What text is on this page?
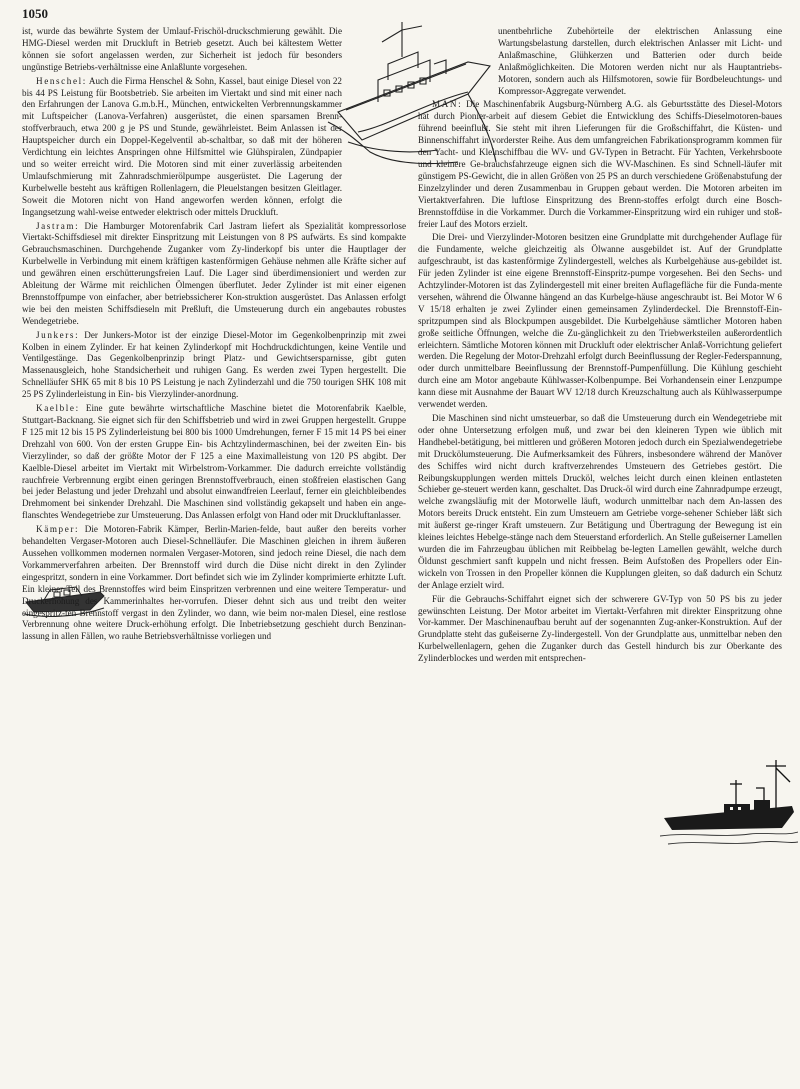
1050

ist, wurde das bewährte System der Umlauf-Frischöl-druckschmierung gewählt. Die HMG-Diesel werden mit Druckluft in Betrieb gesetzt. Auch bei kältestem Wetter können sie sofort angelassen werden, zur Sicherheit ist jedoch für besonders ungünstige Betriebs-verhältnisse eine Anlaßlunte vorgesehen.

Henschel: Auch die Firma Henschel & Sohn, Kassel, baut einige Diesel von 22 bis 44 PS Leistung für Bootsbetrieb. Sie arbeiten im Viertakt und sind mit einer nach den Erfahrungen der Lanova G.m.b.H., München, entwickelten Verbrennungskammer mit Luftspeicher (Lanova-Verfahren) ausgerüstet, die einen sparsamen Brenn-stoffverbrauch, etwa 200 g je PS und Stunde, gewährleistet. Beim Anlassen ist der Hauptspeicher durch ein Doppel-Kegelventil ab-schaltbar, so daß mit der höheren Verdichtung ein leichtes Anspringen ohne Hilfsmittel wie Glühspiralen, Zündpapier und so weiter erreicht wird. Die Motoren sind mit einer zuverlässig arbeitenden Umlaufschmierung mit Zahnradschmierölpumpe ausgerüstet. Die Lagerung der Kurbelwelle besteht aus kräftigen Rollenlagern, die Pleuelstangen besitzen Gleitlager. Soweit die Motoren nicht von Hand angeworfen werden können, erfolgt die Ingangsetzung wahl-weise entweder elektrisch oder mittels Druckluft.

Jastram: Die Hamburger Motorenfabrik Carl Jastram liefert als Spezialität kompressorlose Viertakt-Schiffsdiesel mit direkter Einspritzung mit Leistungen von 8 PS aufwärts. Es sind kompakte Gebrauchsmaschinen. Durchgehende Zuganker vom Zy-linderkopf bis unter die Hauptlager der Kurbelwelle in Verbindung mit einem kräftigen kastenförmigen Gehäuse nehmen alle Kräfte sicher auf und gewähren einen erschütterungsfreien Lauf. Die Lager sind überdimensioniert und werden zur Ableitung der Wärme mit reichlichen Ölmengen überflutet. Jeder Zylinder ist mit einer eigenen Brennstoffpumpe von einfacher, aber betriebssicherer Kon-struktion ausgerüstet. Das Anlassen erfolgt wie bei den meisten Schiffsdieseln mit Preßluft, die Umsteuerung durch ein angebautes robustes Wendegetriebe.

Junkers: Der Junkers-Motor ist der einzige Diesel-Motor im Gegenkolbenprinzip mit zwei Kolben in einem Zylinder. Er hat keinen Zylinderkopf mit Hochdruckdichtungen, keine Ventile und Ventilgestänge. Das Gegenkolbenprinzip bringt Platz- und Gewichtsersparnisse, gibt guten Massenausgleich, hohe Standsicherheit und ruhigen Gang. Es werden zwei Typen hergestellt. Die Schnelläufer SHK 65 mit 8 bis 10 PS Leistung je nach Zylinderzahl und die 750 tourigen SHK 108 mit 25 PS Zylinderleistung in Ein- bis Vierzylinder-anordnung.

Kaelble: Eine gute bewährte wirtschaftliche Maschine bietet die Motorenfabrik Kaelble, Stuttgart-Backnang. Sie eignet sich für den Schiffsbetrieb und wird in zwei Gruppen hergestellt. Gruppe F 125 mit 12 bis 15 PS Zylinderleistung bei 800 bis 1000 Umdrehungen, ferner F 15 mit 14 PS bei einer Drehzahl von 600. Von der ersten Gruppe Ein- bis Achtzylindermaschinen, bei der zweiten Ein- bis Vierzylinder, so daß der größte Motor der F 125 a eine Maximalleistung von 120 PS abgibt. Der Kaelble-Diesel arbeitet im Viertakt mit Wirbelstrom-Vorkammer. Die dadurch erreichte vollständig rauchfreie Verbrennung ergibt einen geringen Brennstoffverbrauch, einen stoßfreien elastischen Gang bei jeder Belastung und jeder Drehzahl und absolut einwandfreien Leerlauf, ferner ein gleichbleibendes Drehmoment bei sinkender Drehzahl. Die Maschinen sind vollständig gekapselt und haben ein ange-flanschtes Wendegetriebe zur Umsteuerung. Das Anlassen erfolgt von Hand oder mit Druckluftanlasser.

Kämper: Die Motoren-Fabrik Kämper, Berlin-Marien-felde, baut außer den bereits vorher behandelten Vergaser-Motoren auch Diesel-Schnelläufer. Die Maschinen gleichen in ihrem äußeren Aussehen vollkommen modernen normalen Vergaser-Motoren, sind jedoch reine Diesel, die nach dem Vorkammerverfahren arbeiten. Der Brennstoff wird durch die Düse nicht direkt in den Zylinder eingespritzt, sondern in eine Vorkammer. Dort befindet sich wie im Zylinder komprimierte erhitzte Luft. Ein kleiner Teil des Brennstoffes wird beim Einspritzen verbrennen und eine weitere Temperatur- und Druckerhöhung des Kammerinhaltes her-vorrufen. Dieser dehnt sich aus und treibt den weiter eingespritz-ten Brennstoff vergast in den Zylinder, wo dann, wie beim nor-malen Diesel, eine restlose Verbrennung ohne weitere Druck-erhöhung erfolgt. Die Inbetriebsetzung geschieht durch Benzinan-lassung in allen Fällen, wo rauhe Betriebsverhältnisse vorliegen und

unentbehrliche Zubehörteile der elektrischen Anlassung eine Wartungsbelastung darstellen, durch elektrischen Anlasser mit Licht- und Anlaßmaschine, Glühkerzen und Batterien oder durch beide Anlaßmöglichkeiten. Die Motoren werden nicht nur als Hauptantriebs-Motoren, sondern auch als Hilfsmotoren, sowie für Bordbeleuchtungs- und Kompressor-Aggregate verwendet.

MAN: Die Maschinenfabrik Augsburg-Nürnberg A.G. als Geburtsstätte des Diesel-Motors hat durch Pionier-arbeit auf diesem Gebiet die Entwicklung des Schiffs-Dieselmotoren-baues führend beeinflußt. Sie steht mit ihren Lieferungen für die Großschiffahrt, die Küsten- und Binnenschiffahrt in vorderster Reihe. Aus dem umfangreichen Fabrikationsprogramm kommen für den Yacht- und Kleinschiffbau die WV- und GV-Typen in Betracht. Für Yachten, Verkehrsboote und kleinere Ge-brauchsfahrzeuge eignen sich die WV-Maschinen. Es sind Schnell-läufer mit günstigem PS-Gewicht, die in allen Größen von 25 PS an durch verschiedene Größenabstufung der Einzelzylinder und deren Zusammenbau in Gruppen gebaut werden. Die Motoren arbeiten im Viertaktverfahren. Die luftlose Einspritzung des Brenn-stoffes erfolgt durch eine Bosch-Brennstoffdüse in die Vorkammer. Durch die Vorkammer-Einspritzung wird ein ruhiger und stoß-freier Lauf des Motors erzielt.

Die Drei- und Vierzylinder-Motoren besitzen eine Grundplatte mit durchgehender Auflage für die Fundamente, welche gleichzeitig als Ölwanne ausgebildet ist. Auf der Grundplatte aufgeschraubt, ist das kastenförmige Zylindergestell, welches als Kurbelgehäuse aus-gebildet ist. Für jeden Zylinder ist eine eigene Brennstoff-Einspritz-pumpe vorgesehen. Bei den Sechs- und Achtzylinder-Motoren ist das Zylindergestell mit einer breiten Auflagefläche für die Funda-mente versehen, während die Ölwanne hängend an das Kurbelge-häuse angeschraubt ist. Bei Motor W 6 V 15/18 erhalten je zwei Zylinder einen gemeinsamen Zylinderdeckel. Die Brennstoff-Ein-spritzpumpen sind als Blockpumpen ausgebildet. Die Kurbelgehäuse sämtlicher Motoren haben große seitliche Öffnungen, welche die Zu-gänglichkeit zu den Triebwerksteilen außerordentlich erleichtern. Sämtliche Motoren können mit Druckluft oder elektrischer Anlaß-Vorrichtung geliefert werden. Die Regelung der Motor-Drehzahl erfolgt durch Beeinflussung der Regler-Federspannung, oder durch unmittelbare Beeinflussung der Brennstoff-Pumpenfüllung. Die Kühlung geschieht durch eine am Motor angebaute Kühlwasser-Kolbenpumpe. Bei Vorhandensein einer Lenzpumpe kann diese mit Ausnahme der Bauart WV 12/18 durch Kreuzschaltung auch als Kühlwasserpumpe verwendet werden.

Die Maschinen sind nicht umsteuerbar, so daß die Umsteuerung durch ein Wendegetriebe mit oder ohne Untersetzung erfolgen muß, und zwar bei den kleineren Typen wie üblich mit Handhebel-betätigung, bei mittleren und größeren Motoren jedoch durch ein Spezialwendegetriebe mit Druckölumsteuerung. Die Aufmerksamkeit des Führers, insbesondere während der Manöver des Schiffes wird nicht durch kraftverzehrendes Umsteuern des Getriebes gestört. Die Reibungskupplungen werden mittels Drucköl, welches leicht durch einen kleinen entlasteten Schieber ge-steuert werden kann, geschaltet. Das Druck-öl wird durch eine Zahnradpumpe erzeugt, welche zwangsläufig mit der Motorwelle läuft, wodurch unmittelbar nach dem An-lassen des Motors bereits Druck entsteht. Ein zum Umsteuern am Getriebe vorge-sehener Schieber läßt sich mit äußerst ge-ringer Kraft umsteuern. Zur Betätigung und Übertragung der Bewegung ist ein kleines leichtes Hebelge-stänge nach dem Steuerstand erforderlich. An Stelle gußeiserner Lamellen wurden die im Fahrzeugbau üblichen mit Reibbelag be-legten Lamellen gewählt, welche durch Öldunst geschmiert sanft kuppeln und nicht fressen. Beim Aufstoßen des Propellers oder Ein-wickeln von Trossen in den Propeller können die Kupplungen gleiten, so daß dadurch ein Schutz der Anlage erzielt wird.

Für die Gebrauchs-Schiffahrt eignet sich der schwerere GV-Typ von 50 PS bis zu jeder gewünschten Leistung. Der Motor arbeitet im Viertakt-Verfahren mit direkter Einspritzung ohne Vor-kammer. Der Maschinenaufbau beruht auf der sogenannten Zug-anker-Konstruktion. Auf der Grundplatte steht das gußeiserne Zy-lindergestell. Von der Grundplatte aus, unmittelbar neben den Kurbelwellenlagern, gehen die Zuganker durch das Gestell hindurch bis zur Oberkante des Zylinderblockes und werden mit entsprechen-
